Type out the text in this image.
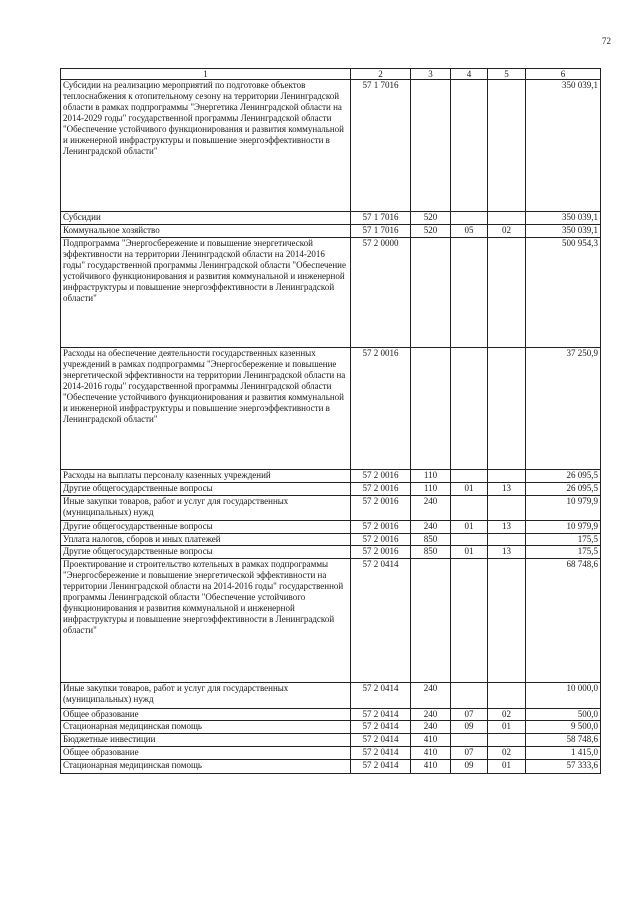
72
1	2	3	4	5	6
Субсидии на реализацию мероприятий по подготовке объектов теплоснабжения к отопительному сезону на территории Ленинградской области в рамках подпрограммы "Энергетика Ленинградской области на 2014-2029 годы" государственной программы Ленинградской области "Обеспечение устойчивого функционирования и развития коммунальной и инженерной инфраструктуры и повышение энергоэффективности в Ленинградской области"	57 1 7016				350 039,1
Субсидии	57 1 7016	520			350 039,1
Коммунальное хозяйство	57 1 7016	520	05	02	350 039,1
Подпрограмма "Энергосбережение и повышение энергетической эффективности на территории Ленинградской области на 2014-2016 годы" государственной программы Ленинградской области "Обеспечение устойчивого функционирования и развития коммунальной и инженерной инфраструктуры и повышение энергоэффективности в Ленинградской области"	57 2 0000				500 954,3
Расходы на обеспечение деятельности государственных казенных учреждений в рамках подпрограммы "Энергосбережение и повышение энергетической эффективности на территории Ленинградской области на 2014-2016 годы" государственной программы Ленинградской области "Обеспечение устойчивого функционирования и развития коммунальной и инженерной инфраструктуры и повышение энергоэффективности в Ленинградской области"	57 2 0016				37 250,9
Расходы на выплаты персоналу казенных учреждений	57 2 0016	110			26 095,5
Другие общегосударственные вопросы	57 2 0016	110	01	13	26 095,5
Иные закупки товаров, работ и услуг для государственных (муниципальных) нужд	57 2 0016	240			10 979,9
Другие общегосударственные вопросы	57 2 0016	240	01	13	10 979,9
Уплата налогов, сборов и иных платежей	57 2 0016	850			175,5
Другие общегосударственные вопросы	57 2 0016	850	01	13	175,5
Проектирование и строительство котельных в рамках подпрограммы "Энергосбережение и повышение энергетической эффективности на территории Ленинградской области на 2014-2016 годы" государственной программы Ленинградской области "Обеспечение устойчивого функционирования и развития коммунальной и инженерной инфраструктуры и повышение энергоэффективности в Ленинградской области"	57 2 0414				68 748,6
Иные закупки товаров, работ и услуг для государственных (муниципальных) нужд	57 2 0414	240			10 000,0
Общее образование	57 2 0414	240	07	02	500,0
Стационарная медицинская помощь	57 2 0414	240	09	01	9 500,0
Бюджетные инвестиции	57 2 0414	410			58 748,6
Общее образование	57 2 0414	410	07	02	1 415,0
Стационарная медицинская помощь	57 2 0414	410	09	01	57 333,6
